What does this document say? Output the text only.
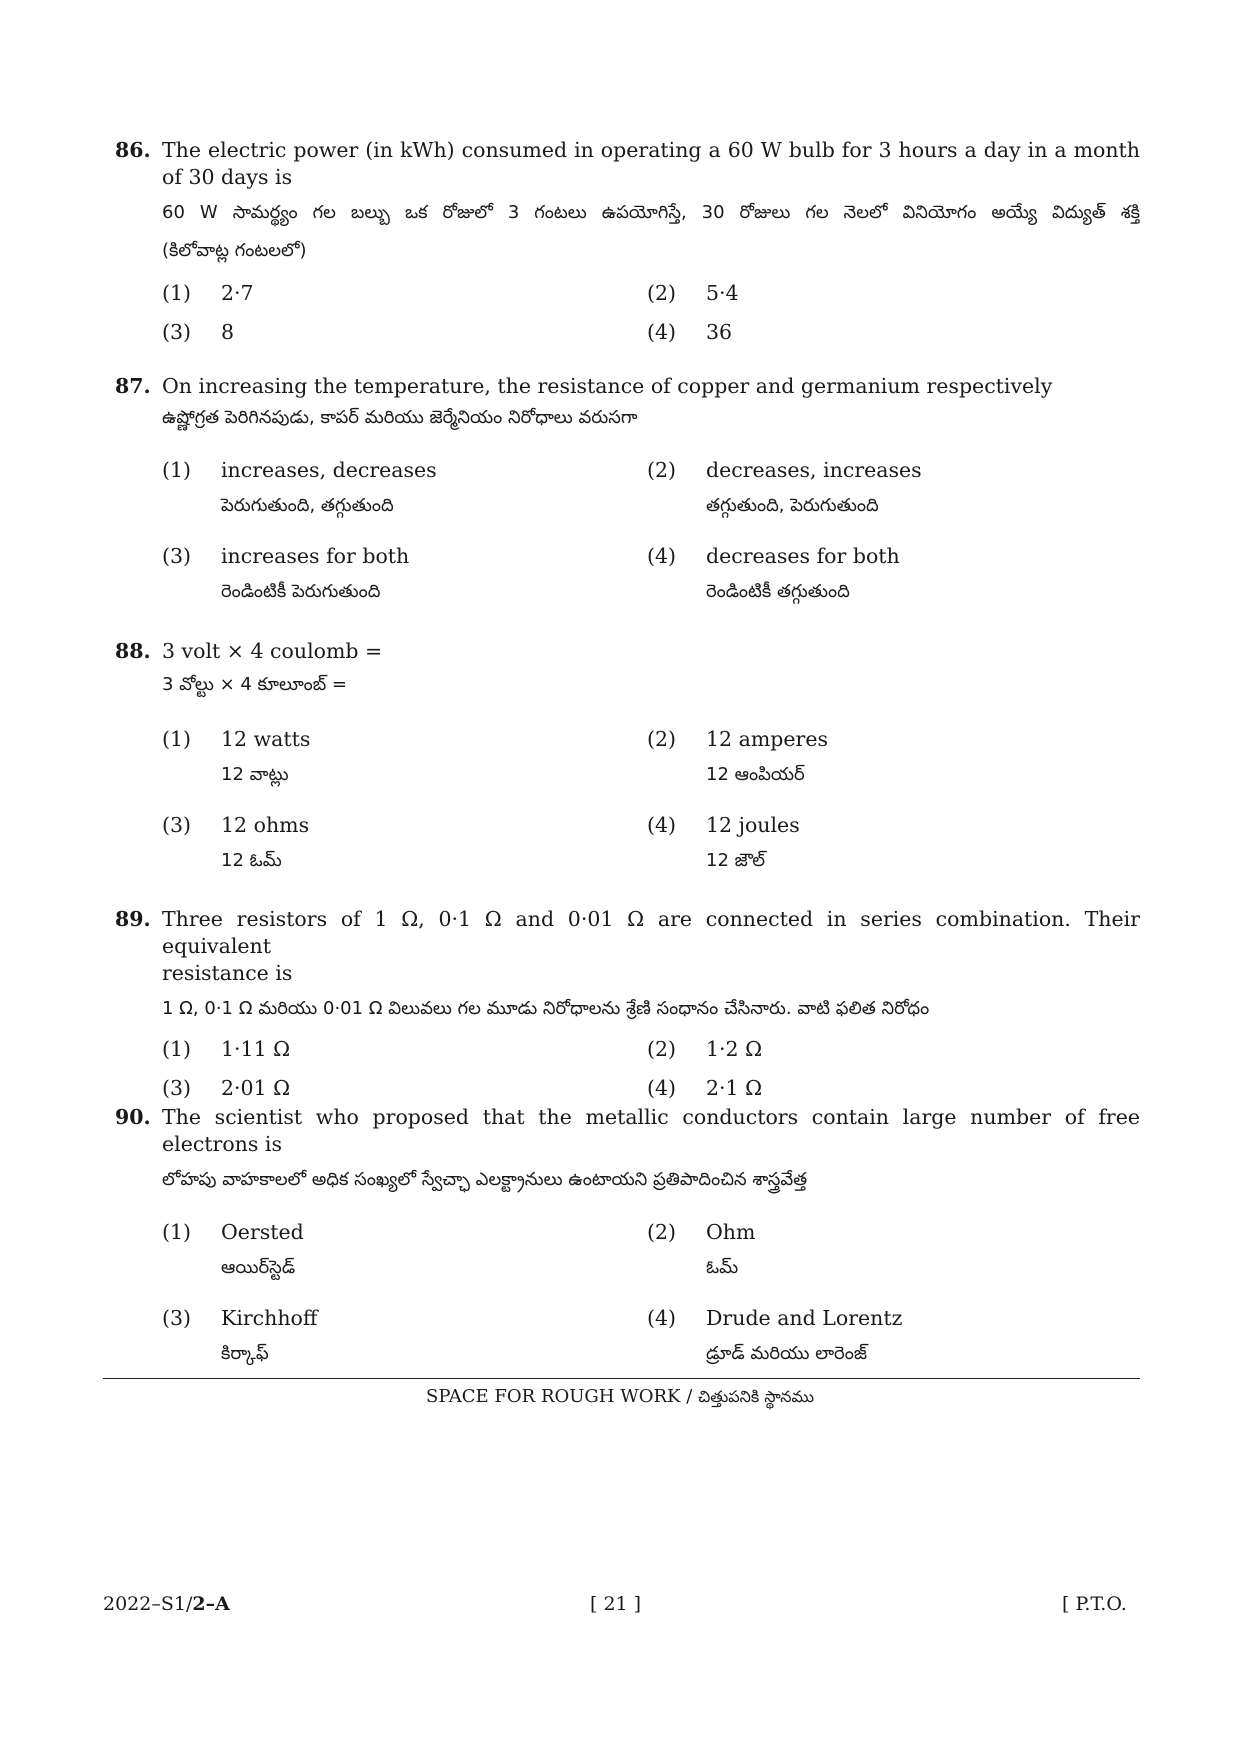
86. The electric power (in kWh) consumed in operating a 60 W bulb for 3 hours a day in a month
of 30 days is
60 W సామర్థ్యం గల బల్బు ఒక రోజులో 3 గంటలు ఉపయోగిస్తే, 30 రోజులు గల నెలలో వినియోగం అయ్యే విద్యుత్ శక్తి
(కిలోవాట్ల గంటలలో)
(1) 2·7	(2) 5·4
(3) 8	(4) 36
87. On increasing the temperature, the resistance of copper and germanium respectively
ఉష్ణోగ్రత పెరిగినపుడు, కాపర్ మరియు జెర్మేనియం నిరోధాలు వరుసగా
(1) increases, decreases
పెరుగుతుంది, తగ్గుతుంది
(2) decreases, increases
తగ్గుతుంది, పెరుగుతుంది
(3) increases for both
రెండింటికీ పెరుగుతుంది
(4) decreases for both
రెండింటికీ తగ్గుతుంది
88. 3 volt × 4 coulomb =
3 వోల్టు × 4 కూలూంబ్ =
(1) 12 watts
12 వాట్లు
(2) 12 amperes
12 ఆంపియర్
(3) 12 ohms
12 ఓమ్
(4) 12 joules
12 జౌల్
89. Three resistors of 1 Ω, 0·1 Ω and 0·01 Ω are connected in series combination. Their equivalent
resistance is
1 Ω, 0·1 Ω మరియు 0·01 Ω విలువలు గల మూడు నిరోధాలను శ్రేణి సంధానం చేసినారు. వాటి ఫలిత నిరోధం
(1) 1·11 Ω	(2) 1·2 Ω
(3) 2·01 Ω	(4) 2·1 Ω
90. The scientist who proposed that the metallic conductors contain large number of free
electrons is
లోహపు వాహకాలలో అధిక సంఖ్యలో స్వేచ్ఛా ఎలక్ట్రానులు ఉంటాయని ప్రతిపాదించిన శాస్త్రవేత్త
(1) Oersted
ఆయిర్‌స్టెడ్
(2) Ohm
ఓమ్
(3) Kirchhoff
కిర్కాఫ్
(4) Drude and Lorentz
డ్రూడ్ మరియు లారెంజ్
SPACE FOR ROUGH WORK / చిత్తుపనికి స్థానము
2022–S1/2–A	[ 21 ]	[ P.T.O.
